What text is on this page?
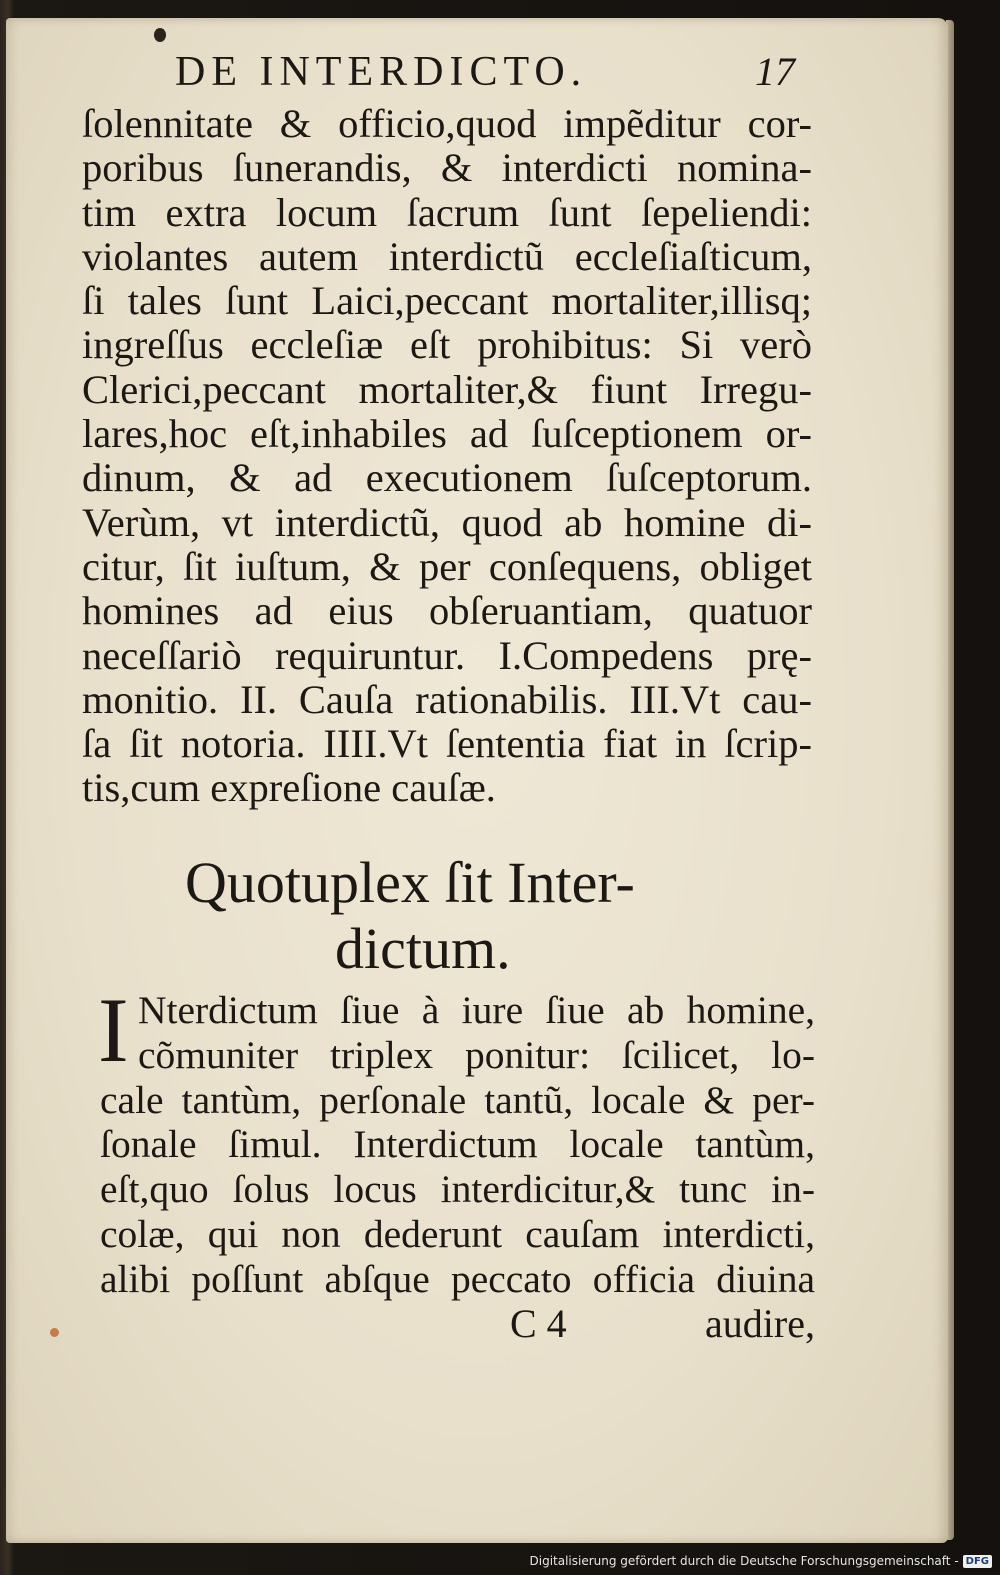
DE INTERDICTO.	17
ſolennitate & officio,quod impẽditur cor-
poribus ſunerandis, & interdicti nomina-
tim extra locum ſacrum ſunt ſepeliendi:
violantes autem interdictũ eccleſiaſticum,
ſi tales ſunt Laici,peccant mortaliter,illisq;
ingreſſus eccleſiæ eſt prohibitus: Si verò
Clerici,peccant mortaliter,& fiunt Irregu-
lares,hoc eſt,inhabiles ad ſuſceptionem or-
dinum, & ad executionem ſuſceptorum.
Verùm, vt interdictũ, quod ab homine di-
citur, ſit iuſtum, & per conſequens, obliget
homines ad eius obſeruantiam, quatuor
neceſſariò requiruntur. I.Compedens prę-
monitio. II. Cauſa rationabilis. III.Vt cau-
ſa ſit notoria. IIII.Vt ſententia fiat in ſcrip-
tis,cum expreſione cauſæ.
Quotuplex ſit Inter-
dictum.
I Nterdictum ſiue à iure ſiue ab homine,
cõmuniter triplex ponitur: ſcilicet, lo-
cale tantùm, perſonale tantũ, locale & per-
ſonale ſimul. Interdictum locale tantùm,
eſt,quo ſolus locus interdicitur,& tunc in-
colæ, qui non dederunt cauſam interdicti,
alibi poſſunt abſque peccato officia diuina
C 4	audire,
Digitalisierung gefördert durch die Deutsche Forschungsgemeinschaft - DFG
